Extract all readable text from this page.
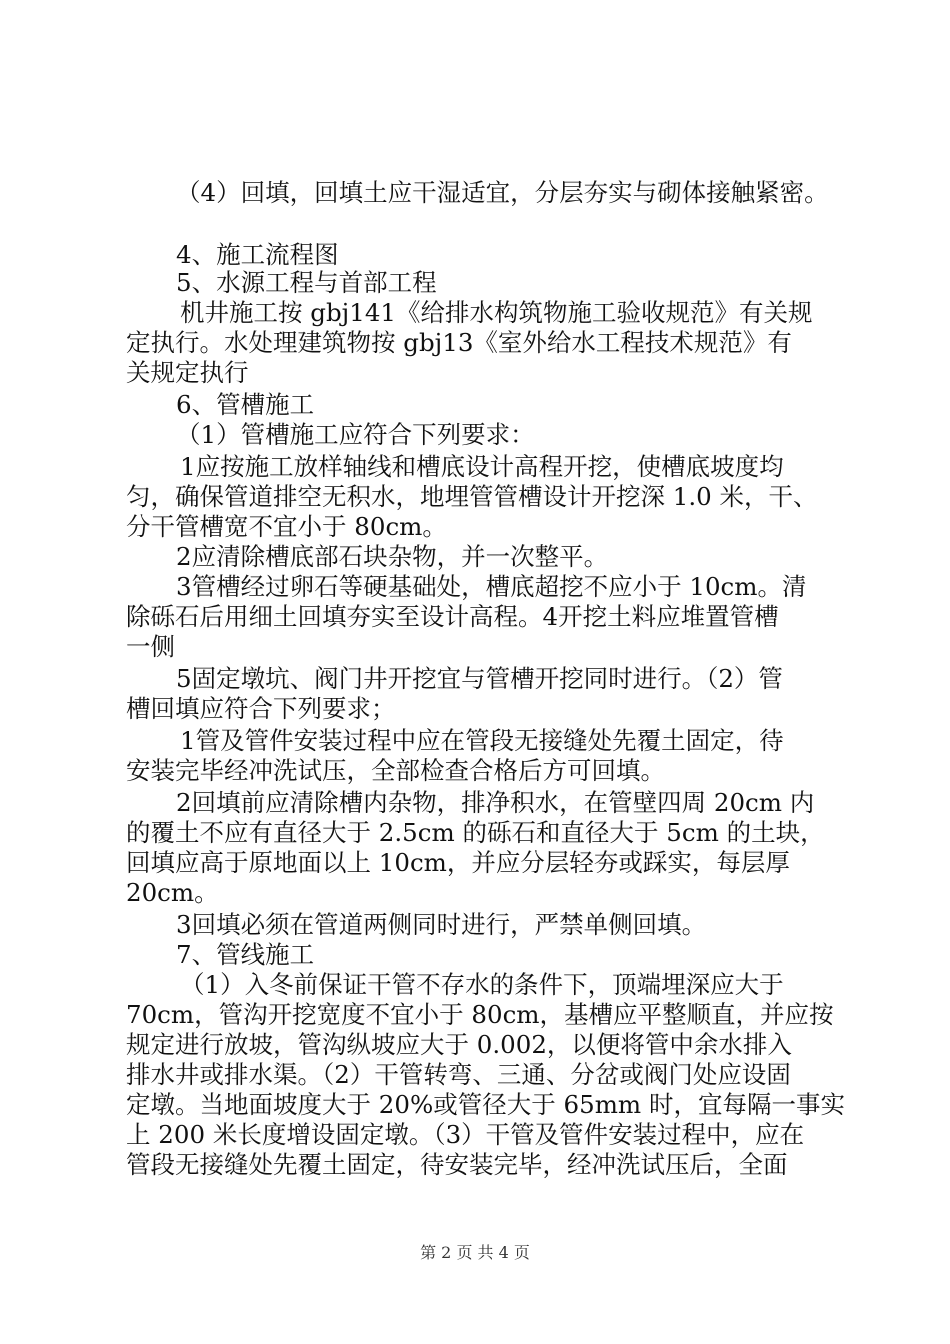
（4）回填，回填土应干湿适宜，分层夯实与砌体接触紧密。
4、施工流程图
5、水源工程与首部工程
机井施工按 gbj141《给排水构筑物施工验收规范》有关规
定执行。水处理建筑物按 gbj13《室外给水工程技术规范》有
关规定执行
6、管槽施工
（1）管槽施工应符合下列要求：
1应按施工放样轴线和槽底设计高程开挖，使槽底坡度均
匀，确保管道排空无积水，地埋管管槽设计开挖深 1.0 米，干、
分干管槽宽不宜小于 80cm。
2应清除槽底部石块杂物，并一次整平。
3管槽经过卵石等硬基础处，槽底超挖不应小于 10cm。清
除砾石后用细土回填夯实至设计高程。4开挖土料应堆置管槽
一侧
5固定墩坑、阀门井开挖宜与管槽开挖同时进行。（2）管
槽回填应符合下列要求；
1管及管件安装过程中应在管段无接缝处先覆土固定，待
安装完毕经冲洗试压，全部检查合格后方可回填。
2回填前应清除槽内杂物，排净积水，在管壁四周 20cm 内
的覆土不应有直径大于 2.5cm 的砾石和直径大于 5cm 的土块，
回填应高于原地面以上 10cm，并应分层轻夯或踩实，每层厚
20cm。
3回填必须在管道两侧同时进行，严禁单侧回填。
7、管线施工
（1）入冬前保证干管不存水的条件下，顶端埋深应大于
70cm，管沟开挖宽度不宜小于 80cm，基槽应平整顺直，并应按
规定进行放坡，管沟纵坡应大于 0.002，以便将管中余水排入
排水井或排水渠。（2）干管转弯、三通、分岔或阀门处应设固
定墩。当地面坡度大于 20%或管径大于 65mm 时，宜每隔一事实
上 200 米长度增设固定墩。（3）干管及管件安装过程中，应在
管段无接缝处先覆土固定，待安装完毕，经冲洗试压后，全面
第 2 页 共 4 页
